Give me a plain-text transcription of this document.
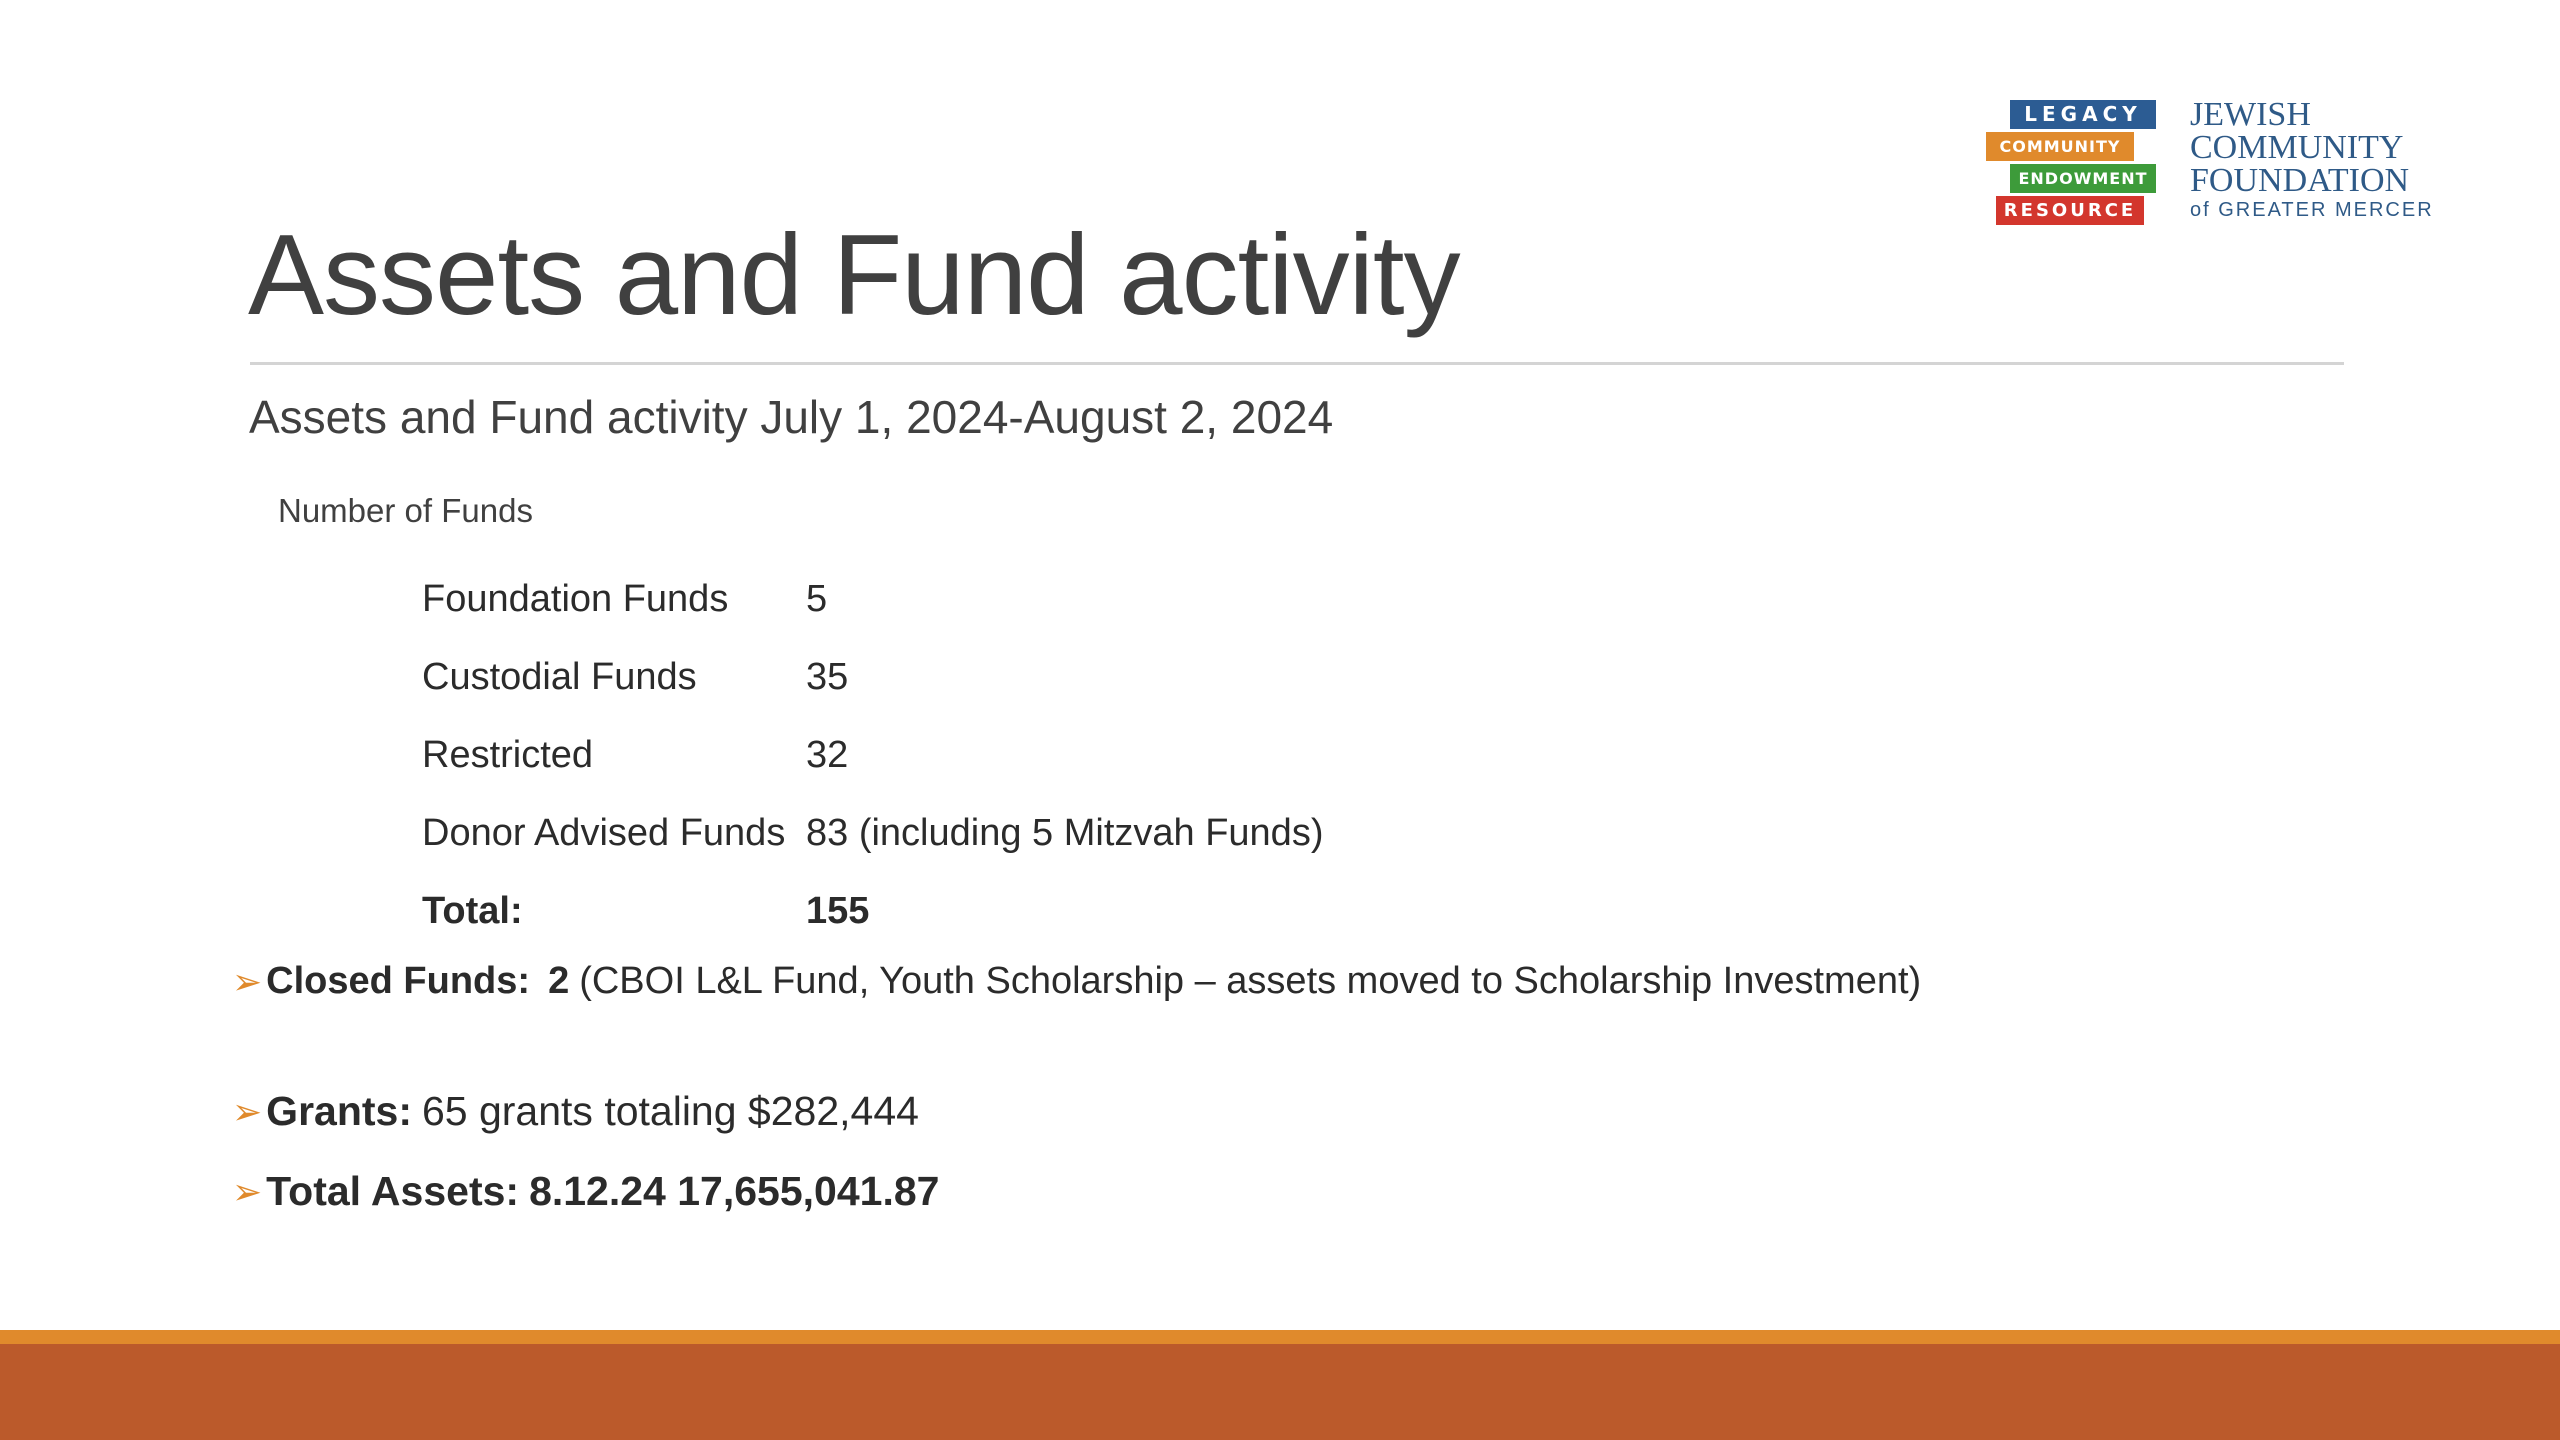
LEGACY
COMMUNITY
ENDOWMENT
RESOURCE
JEWISH
COMMUNITY
FOUNDATION
of GREATER MERCER
Assets and Fund activity
Assets and Fund activity July 1, 2024-August 2, 2024
Number of Funds
Foundation Funds	5
Custodial Funds	35
Restricted	32
Donor Advised Funds 83 (including 5 Mitzvah Funds)
Total:	155
➢ Closed Funds: 2 (CBOI L&L Fund, Youth Scholarship – assets moved to Scholarship Investment)
➢ Grants: 65 grants totaling $282,444
➢ Total Assets: 8.12.24 17,655,041.87
